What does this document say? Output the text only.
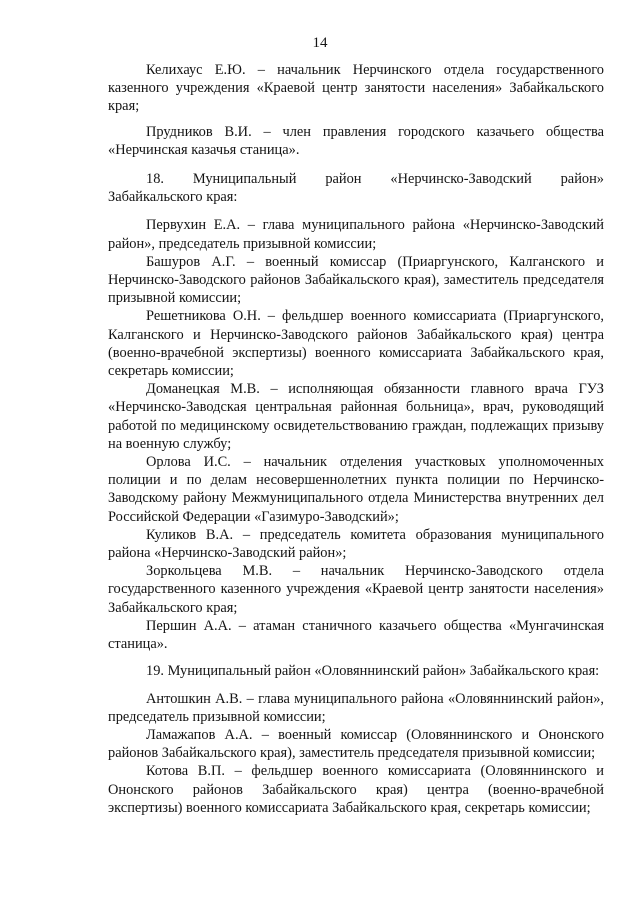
14

Келихаус Е.Ю. – начальник Нерчинского отдела государственного казенного учреждения «Краевой центр занятости населения» Забайкальского края;

Прудников В.И. – член правления городского казачьего общества «Нерчинская казачья станица».

18. Муниципальный район «Нерчинско-Заводский район»

Забайкальского края:

Первухин Е.А. – глава муниципального района «Нерчинско-Заводский район», председатель призывной комиссии;

Башуров А.Г. – военный комиссар (Приаргунского, Калганского и Нерчинско-Заводского районов Забайкальского края), заместитель председателя призывной комиссии;

Решетникова О.Н. – фельдшер военного комиссариата (Приаргунского, Калганского и Нерчинско-Заводского районов Забайкальского края) центра (военно-врачебной экспертизы) военного комиссариата Забайкальского края, секретарь комиссии;

Доманецкая М.В. – исполняющая обязанности главного врача ГУЗ «Нерчинско-Заводская центральная районная больница», врач, руководящий работой по медицинскому освидетельствованию граждан, подлежащих призыву на военную службу;

Орлова И.С. – начальник отделения участковых уполномоченных полиции и по делам несовершеннолетних пункта полиции по Нерчинско-Заводскому району Межмуниципального отдела Министерства внутренних дел Российской Федерации «Газимуро-Заводский»;

Куликов В.А. – председатель комитета образования муниципального района «Нерчинско-Заводский район»;

Зоркольцева М.В. – начальник Нерчинско-Заводского отдела государственного казенного учреждения «Краевой центр занятости населения» Забайкальского края;

Першин А.А. – атаман станичного казачьего общества «Мунгачинская станица».

19. Муниципальный район «Оловяннинский район» Забайкальского края:

Антошкин А.В. – глава муниципального района «Оловяннинский район», председатель призывной комиссии;

Ламажапов А.А. – военный комиссар (Оловяннинского и Ононского районов Забайкальского края), заместитель председателя призывной комиссии;

Котова В.П. – фельдшер военного комиссариата (Оловяннинского и Ононского районов Забайкальского края) центра (военно-врачебной экспертизы) военного комиссариата Забайкальского края, секретарь комиссии;
